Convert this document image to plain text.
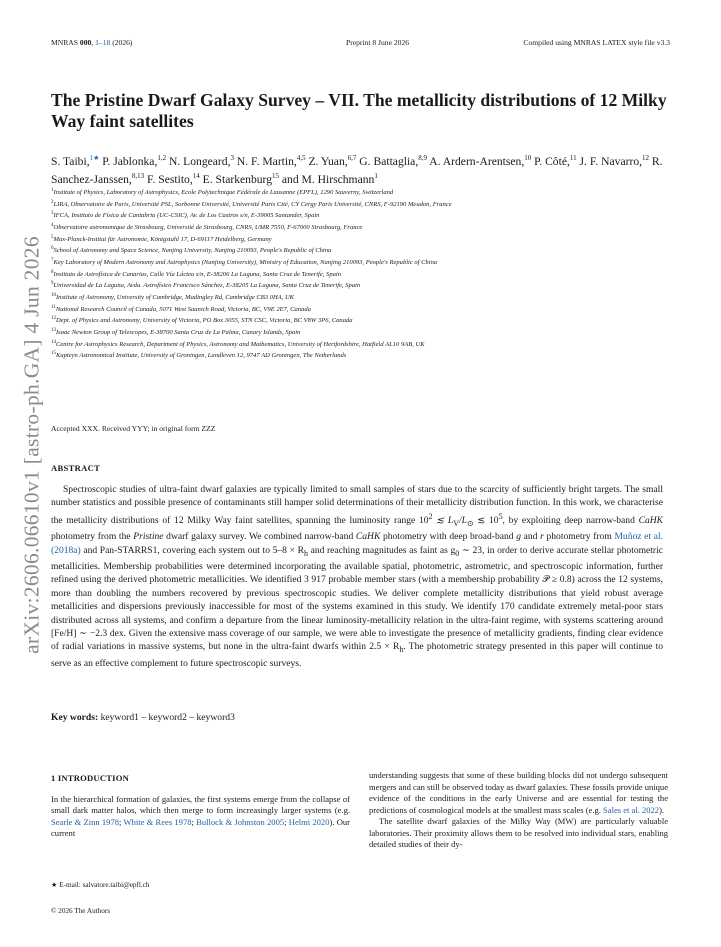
MNRAS 000, 1–18 (2026)	Preprint 8 June 2026	Compiled using MNRAS LATEX style file v3.3
arXiv:2606.06610v1 [astro-ph.GA] 4 Jun 2026
The Pristine Dwarf Galaxy Survey – VII. The metallicity distributions of 12 Milky Way faint satellites
S. Taibi,$^{1★}$ P. Jablonka,$^{1,2}$ N. Longeard,$^3$ N. F. Martin,$^{4,5}$ Z. Yuan,$^{6,7}$ G. Battaglia,$^{8,9}$ A. Ardern-Arentsen,$^{10}$ P. Côté,$^{11}$ J. F. Navarro,$^{12}$ R. Sanchez-Janssen,$^{8,13}$ F. Sestito,$^{14}$ E. Starkenburg$^{15}$ and M. Hirschmann$^1$
$^1$Institute of Physics, Laboratory of Astrophysics, Ecole Polytechnique Fédérale de Lausanne (EPFL), 1290 Sauverny, Switzerland
$^2$LIRA, Observatoire de Paris, Université PSL, Sorbonne Université, Université Paris Cité, CY Cergy Paris Université, CNRS, F-92190 Meudon, France
$^3$IFCA, Instituto de Física de Cantabria (UC-CSIC), Av. de Los Castros s/n, E-39005 Santander, Spain
$^4$Observatoire astronomique de Strasbourg, Université de Strasbourg, CNRS, UMR 7550, F-67000 Strasbourg, France
$^5$Max-Planck-Institut für Astronomie, Königstuhl 17, D-69117 Heidelberg, Germany
$^6$School of Astronomy and Space Science, Nanjing University, Nanjing 210093, People's Republic of China
$^7$Key Laboratory of Modern Astronomy and Astrophysics (Nanjing University), Ministry of Education, Nanjing 210093, People's Republic of China
$^8$Instituto de Astrofísica de Canarias, Calle Vía Láctea s/n, E-38206 La Laguna, Santa Cruz de Tenerife, Spain
$^9$Universidad de La Laguna, Avda. Astrofísico Francisco Sánchez, E-38205 La Laguna, Santa Cruz de Tenerife, Spain
$^{10}$Institute of Astronomy, University of Cambridge, Madingley Rd, Cambridge CB3 0HA, UK
$^{11}$National Research Council of Canada, 5071 West Saanich Road, Victoria, BC, V9E 2E7, Canada
$^{12}$Dept. of Physics and Astronomy, University of Victoria, PO Box 3055, STN CSC, Victoria, BC V8W 3P6, Canada
$^{13}$Isaac Newton Group of Telescopes, E-38700 Santa Cruz de La Palma, Canary Islands, Spain
$^{14}$Centre for Astrophysics Research, Department of Physics, Astronomy and Mathematics, University of Hertfordshire, Hatfield AL10 9AB, UK
$^{15}$Kapteyn Astronomical Institute, University of Groningen, Landleven 12, 9747 AD Groningen, The Netherlands
Accepted XXX. Received YYY; in original form ZZZ
ABSTRACT
Spectroscopic studies of ultra-faint dwarf galaxies are typically limited to small samples of stars due to the scarcity of sufficiently bright targets. The small number statistics and possible presence of contaminants still hamper solid determinations of their metallicity distribution function. In this work, we characterise the metallicity distributions of 12 Milky Way faint satellites, spanning the luminosity range $10^2$ ≲ $L_V/L_⊙$ ≲ $10^5$, by exploiting deep narrow-band CaHK photometry from the Pristine dwarf galaxy survey. We combined narrow-band CaHK photometry with deep broad-band g and r photometry from Muñoz et al. (2018a) and Pan-STARRS1, covering each system out to $5-8 \times R_h$ and reaching magnitudes as faint as $g_0$ ∼ 23, in order to derive accurate stellar photometric metallicities. Membership probabilities were determined incorporating the available spatial, photometric, astrometric, and spectroscopic information, further refined using the derived photometric metallicities. We identified 3 917 probable member stars (with a membership probability 𝒫 ≥ 0.8) across the 12 systems, more than doubling the numbers recovered by previous spectroscopic studies. We deliver complete metallicity distributions that yield robust average metallicities and dispersions previously inaccessible for most of the systems examined in this study. We identify 170 candidate extremely metal-poor stars distributed across all systems, and confirm a departure from the linear luminosity-metallicity relation in the ultra-faint regime, with systems scattering around [Fe/H] ∼ −2.3 dex. Given the extensive mass coverage of our sample, we were able to investigate the presence of metallicity gradients, finding clear evidence of radial variations in massive systems, but none in the ultra-faint dwarfs within $2.5 \times R_h$. The photometric strategy presented in this paper will continue to serve as an effective complement to future spectroscopic surveys.
Key words: keyword1 – keyword2 – keyword3
1 INTRODUCTION

In the hierarchical formation of galaxies, the first systems emerge from the collapse of small dark matter halos, which then merge to form increasingly larger systems (e.g. Searle & Zinn 1978; White & Rees 1978; Bullock & Johnston 2005; Helmi 2020). Our current

understanding suggests that some of these building blocks did not undergo subsequent mergers and can still be observed today as dwarf galaxies. These fossils provide unique evidence of the conditions in the early Universe and are essential for testing the predictions of cosmological models at the smallest mass scales (e.g. Sales et al. 2022).

The satellite dwarf galaxies of the Milky Way (MW) are particularly valuable laboratories. Their proximity allows them to be resolved into individual stars, enabling detailed studies of their dy-

★ E-mail: salvatore.taibi@epfl.ch
© 2026 The Authors
